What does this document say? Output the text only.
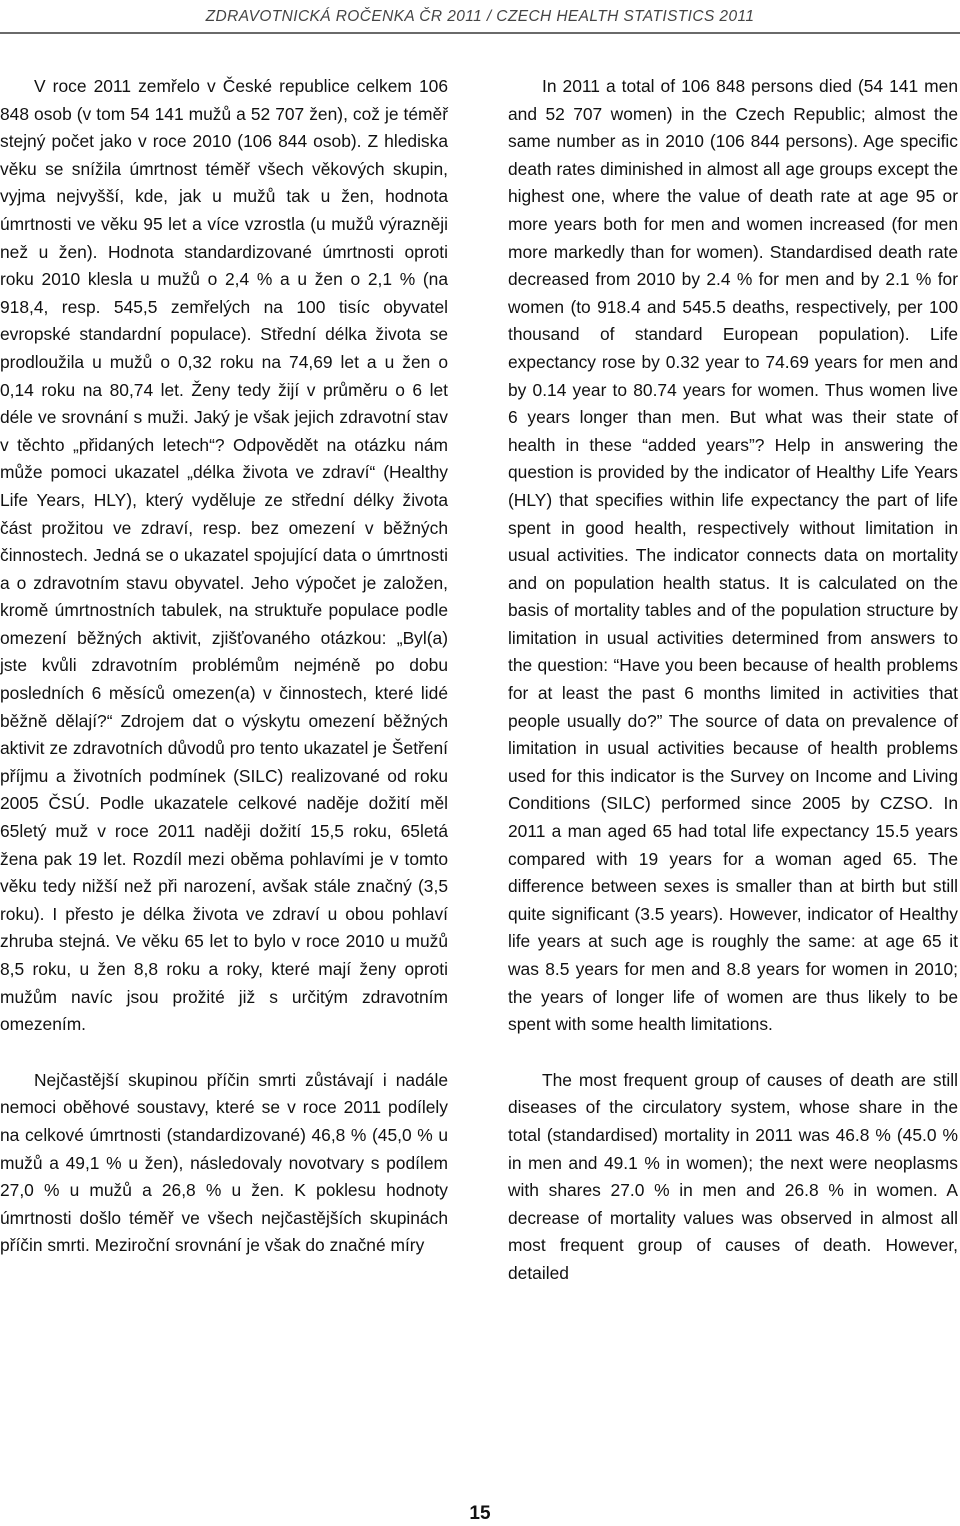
ZDRAVOTNICKÁ ROČENKA ČR 2011 / CZECH HEALTH STATISTICS 2011

V roce 2011 zemřelo v České republice celkem 106 848 osob (v tom 54 141 mužů a 52 707 žen), což je téměř stejný počet jako v roce 2010 (106 844 osob). Z hlediska věku se snížila úmrtnost téměř všech věkových skupin, vyjma nejvyšší, kde, jak u mužů tak u žen, hodnota úmrtnosti ve věku 95 let a více vzrostla (u mužů výrazněji než u žen). Hodnota standardizované úmrtnosti oproti roku 2010 klesla u mužů o 2,4 % a u žen o 2,1 % (na 918,4, resp. 545,5 zemřelých na 100 tisíc obyvatel evropské standardní populace). Střední délka života se prodloužila u mužů o 0,32 roku na 74,69 let a u žen o 0,14 roku na 80,74 let. Ženy tedy žijí v průměru o 6 let déle ve srovnání s muži. Jaký je však jejich zdravotní stav v těchto „přidaných letech“? Odpovědět na otázku nám může pomoci ukazatel „délka života ve zdraví“ (Healthy Life Years, HLY), který vyděluje ze střední délky života část prožitou ve zdraví, resp. bez omezení v běžných činnostech. Jedná se o ukazatel spojující data o úmrtnosti a o zdravotním stavu obyvatel. Jeho výpočet je založen, kromě úmrtnostních tabulek, na struktuře populace podle omezení běžných aktivit, zjišťovaného otázkou: „Byl(a) jste kvůli zdravotním problémům nejméně po dobu posledních 6 měsíců omezen(a) v činnostech, které lidé běžně dělají?“ Zdrojem dat o výskytu omezení běžných aktivit ze zdravotních důvodů pro tento ukazatel je Šetření příjmu a životních podmínek (SILC) realizované od roku 2005 ČSÚ. Podle ukazatele celkové naděje dožití měl 65letý muž v roce 2011 naději dožití 15,5 roku, 65letá žena pak 19 let. Rozdíl mezi oběma pohlavími je v tomto věku tedy nižší než při narození, avšak stále značný (3,5 roku). I přesto je délka života ve zdraví u obou pohlaví zhruba stejná. Ve věku 65 let to bylo v roce 2010 u mužů 8,5 roku, u žen 8,8 roku a roky, které mají ženy oproti mužům navíc jsou prožité již s určitým zdravotním omezením.

Nejčastější skupinou příčin smrti zůstávají i nadále nemoci oběhové soustavy, které se v roce 2011 podílely na celkové úmrtnosti (standardizované) 46,8 % (45,0 % u mužů a 49,1 % u žen), následovaly novotvary s podílem 27,0 % u mužů a 26,8 % u žen. K poklesu hodnoty úmrtnosti došlo téměř ve všech nejčastějších skupinách příčin smrti. Meziroční srovnání je však do značné míry

In 2011 a total of 106 848 persons died (54 141 men and 52 707 women) in the Czech Republic; almost the same number as in 2010 (106 844 persons). Age specific death rates diminished in almost all age groups except the highest one, where the value of death rate at age 95 or more years both for men and women increased (for men more markedly than for women). Standardised death rate decreased from 2010 by 2.4 % for men and by 2.1 % for women (to 918.4 and 545.5 deaths, respectively, per 100 thousand of standard European population). Life expectancy rose by 0.32 year to 74.69 years for men and by 0.14 year to 80.74 years for women. Thus women live 6 years longer than men. But what was their state of health in these “added years”? Help in answering the question is provided by the indicator of Healthy Life Years (HLY) that specifies within life expectancy the part of life spent in good health, respectively without limitation in usual activities. The indicator connects data on mortality and on population health status. It is calculated on the basis of mortality tables and of the population structure by limitation in usual activities determined from answers to the question: “Have you been because of health problems for at least the past 6 months limited in activities that people usually do?” The source of data on prevalence of limitation in usual activities because of health problems used for this indicator is the Survey on Income and Living Conditions (SILC) performed since 2005 by CZSO. In 2011 a man aged 65 had total life expectancy 15.5 years compared with 19 years for a woman aged 65. The difference between sexes is smaller than at birth but still quite significant (3.5 years). However, indicator of Healthy life years at such age is roughly the same: at age 65 it was 8.5 years for men and 8.8 years for women in 2010; the years of longer life of women are thus likely to be spent with some health limitations.

The most frequent group of causes of death are still diseases of the circulatory system, whose share in the total (standardised) mortality in 2011 was 46.8 % (45.0 % in men and 49.1 % in women); the next were neoplasms with shares 27.0 % in men and 26.8 % in women. A decrease of mortality values was observed in almost all most frequent group of causes of death. However, detailed

15
